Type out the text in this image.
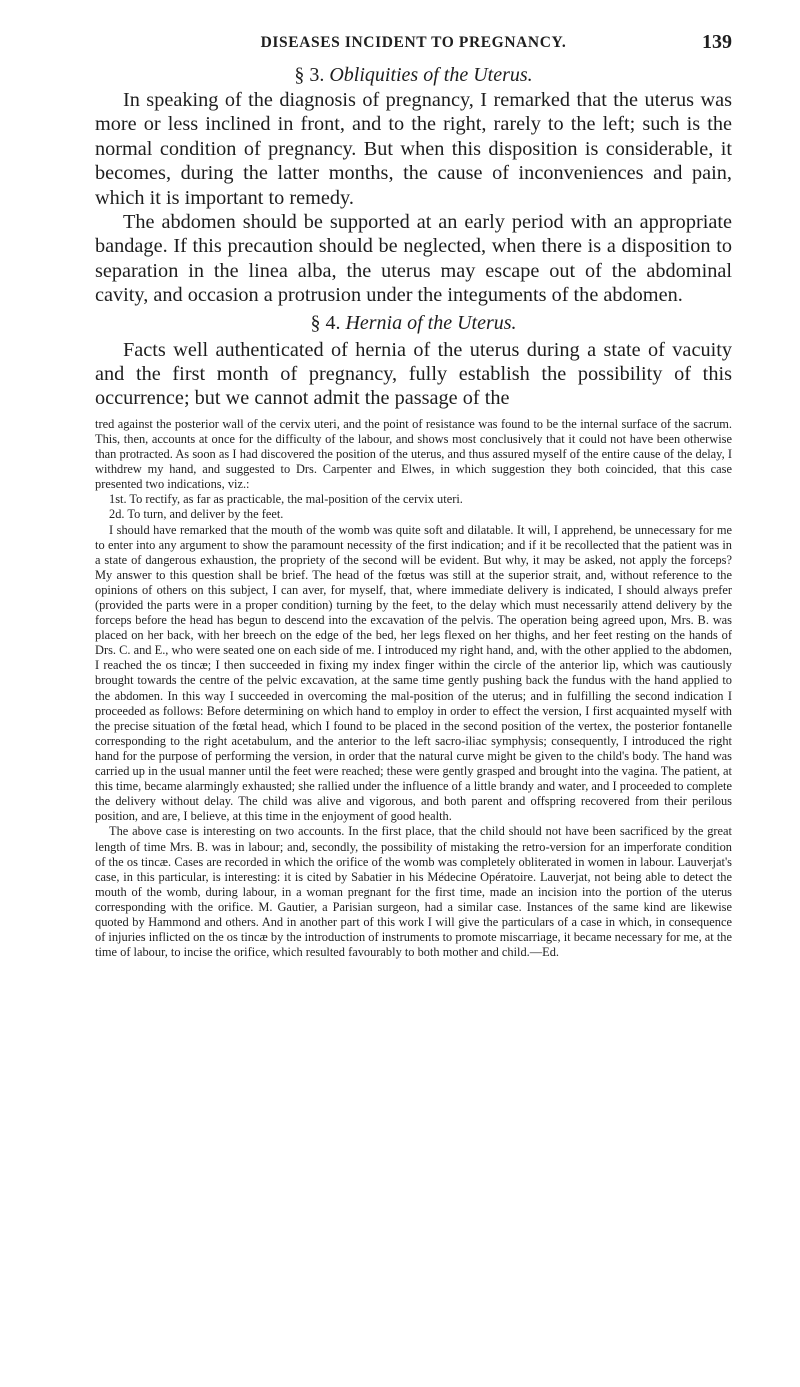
DISEASES INCIDENT TO PREGNANCY.	139

§ 3. Obliquities of the Uterus.

In speaking of the diagnosis of pregnancy, I remarked that the uterus was more or less inclined in front, and to the right, rarely to the left; such is the normal condition of pregnancy. But when this disposition is considerable, it becomes, during the latter months, the cause of inconveniences and pain, which it is important to remedy.

The abdomen should be supported at an early period with an appropriate bandage. If this precaution should be neglected, when there is a disposition to separation in the linea alba, the uterus may escape out of the abdominal cavity, and occasion a protrusion under the integuments of the abdomen.

§ 4. Hernia of the Uterus.

Facts well authenticated of hernia of the uterus during a state of vacuity and the first month of pregnancy, fully establish the possibility of this occurrence; but we cannot admit the passage of the

tred against the posterior wall of the cervix uteri, and the point of resistance was found to be the internal surface of the sacrum. This, then, accounts at once for the difficulty of the labour, and shows most conclusively that it could not have been otherwise than protracted. As soon as I had discovered the position of the uterus, and thus assured myself of the entire cause of the delay, I withdrew my hand, and suggested to Drs. Carpenter and Elwes, in which suggestion they both coincided, that this case presented two indications, viz.:

1st. To rectify, as far as practicable, the mal-position of the cervix uteri.

2d. To turn, and deliver by the feet.

I should have remarked that the mouth of the womb was quite soft and dilatable. It will, I apprehend, be unnecessary for me to enter into any argument to show the paramount necessity of the first indication; and if it be recollected that the patient was in a state of dangerous exhaustion, the propriety of the second will be evident. But why, it may be asked, not apply the forceps? My answer to this question shall be brief. The head of the fœtus was still at the superior strait, and, without reference to the opinions of others on this subject, I can aver, for myself, that, where immediate delivery is indicated, I should always prefer (provided the parts were in a proper condition) turning by the feet, to the delay which must necessarily attend delivery by the forceps before the head has begun to descend into the excavation of the pelvis. The operation being agreed upon, Mrs. B. was placed on her back, with her breech on the edge of the bed, her legs flexed on her thighs, and her feet resting on the hands of Drs. C. and E., who were seated one on each side of me. I introduced my right hand, and, with the other applied to the abdomen, I reached the os tincæ; I then succeeded in fixing my index finger within the circle of the anterior lip, which was cautiously brought towards the centre of the pelvic excavation, at the same time gently pushing back the fundus with the hand applied to the abdomen. In this way I succeeded in overcoming the mal-position of the uterus; and in fulfilling the second indication I proceeded as follows: Before determining on which hand to employ in order to effect the version, I first acquainted myself with the precise situation of the fœtal head, which I found to be placed in the second position of the vertex, the posterior fontanelle corresponding to the right acetabulum, and the anterior to the left sacro-iliac symphysis; consequently, I introduced the right hand for the purpose of performing the version, in order that the natural curve might be given to the child's body. The hand was carried up in the usual manner until the feet were reached; these were gently grasped and brought into the vagina. The patient, at this time, became alarmingly exhausted; she rallied under the influence of a little brandy and water, and I proceeded to complete the delivery without delay. The child was alive and vigorous, and both parent and offspring recovered from their perilous position, and are, I believe, at this time in the enjoyment of good health.

The above case is interesting on two accounts. In the first place, that the child should not have been sacrificed by the great length of time Mrs. B. was in labour; and, secondly, the possibility of mistaking the retro-version for an imperforate condition of the os tincæ. Cases are recorded in which the orifice of the womb was completely obliterated in women in labour. Lauverjat's case, in this particular, is interesting: it is cited by Sabatier in his Médecine Opératoire. Lauverjat, not being able to detect the mouth of the womb, during labour, in a woman pregnant for the first time, made an incision into the portion of the uterus corresponding with the orifice. M. Gautier, a Parisian surgeon, had a similar case. Instances of the same kind are likewise quoted by Hammond and others. And in another part of this work I will give the particulars of a case in which, in consequence of injuries inflicted on the os tincæ by the introduction of instruments to promote miscarriage, it became necessary for me, at the time of labour, to incise the orifice, which resulted favourably to both mother and child.—Ed.
